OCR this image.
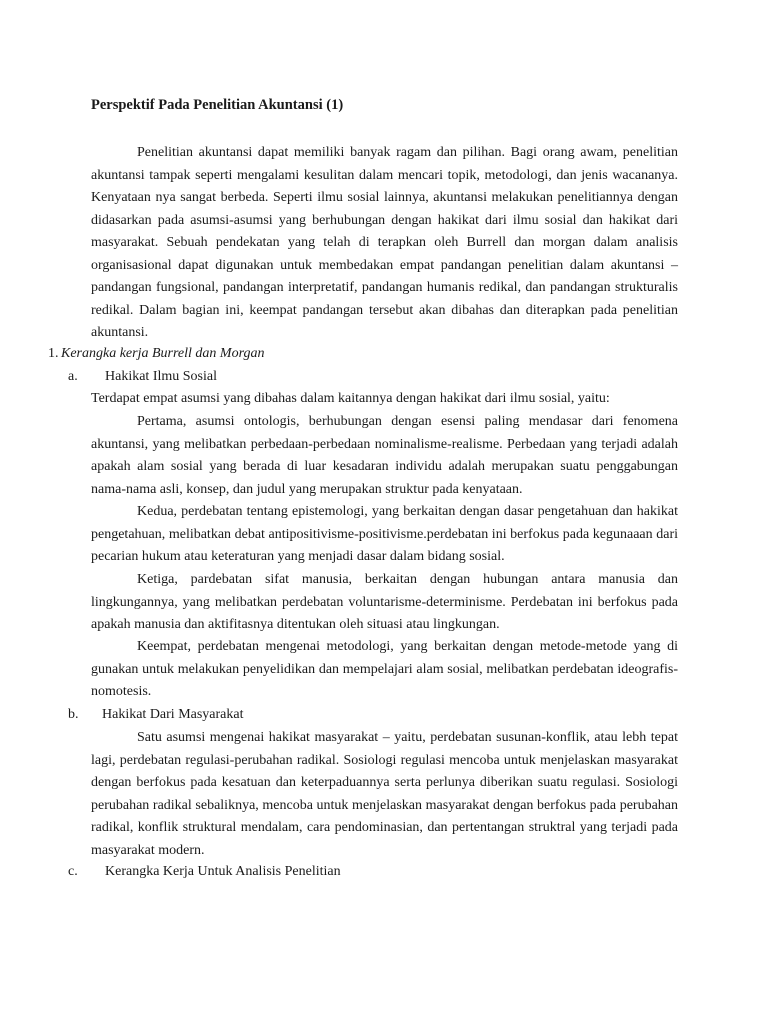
Perspektif Pada Penelitian Akuntansi (1)

Penelitian akuntansi dapat memiliki banyak ragam dan pilihan. Bagi orang awam, penelitian akuntansi tampak seperti mengalami kesulitan dalam mencari topik, metodologi, dan jenis wacananya. Kenyataan nya sangat berbeda. Seperti ilmu sosial lainnya, akuntansi melakukan penelitiannya dengan didasarkan pada asumsi-asumsi yang berhubungan dengan hakikat dari ilmu sosial dan hakikat dari masyarakat. Sebuah pendekatan yang telah di terapkan oleh Burrell dan morgan dalam analisis organisasional dapat digunakan untuk membedakan empat pandangan penelitian dalam akuntansi – pandangan fungsional, pandangan interpretatif, pandangan humanis redikal, dan pandangan strukturalis redikal. Dalam bagian ini, keempat pandangan tersebut akan dibahas dan diterapkan pada penelitian akuntansi.

1. Kerangka kerja Burrell dan Morgan

a. Hakikat Ilmu Sosial

Terdapat empat asumsi yang dibahas dalam kaitannya dengan hakikat dari ilmu sosial, yaitu:

Pertama, asumsi ontologis, berhubungan dengan esensi paling mendasar dari fenomena akuntansi, yang melibatkan perbedaan-perbedaan nominalisme-realisme. Perbedaan yang terjadi adalah apakah alam sosial yang berada di luar kesadaran individu adalah merupakan suatu penggabungan nama-nama asli, konsep, dan judul yang merupakan struktur pada kenyataan.

Kedua, perdebatan tentang epistemologi, yang berkaitan dengan dasar pengetahuan dan hakikat pengetahuan, melibatkan debat antipositivisme-positivisme.perdebatan ini berfokus pada kegunaaan dari pecarian hukum atau keteraturan yang menjadi dasar dalam bidang sosial.

Ketiga, pardebatan sifat manusia, berkaitan dengan hubungan antara manusia dan lingkungannya, yang melibatkan perdebatan voluntarisme-determinisme. Perdebatan ini berfokus pada apakah manusia dan aktifitasnya ditentukan oleh situasi atau lingkungan.

Keempat, perdebatan mengenai metodologi, yang berkaitan dengan metode-metode yang di gunakan untuk melakukan penyelidikan dan mempelajari alam sosial, melibatkan perdebatan ideografis-nomotesis.

b. Hakikat Dari Masyarakat

Satu asumsi mengenai hakikat masyarakat – yaitu, perdebatan susunan-konflik, atau lebh tepat lagi, perdebatan regulasi-perubahan radikal. Sosiologi regulasi mencoba untuk menjelaskan masyarakat dengan berfokus pada kesatuan dan keterpaduannya serta perlunya diberikan suatu regulasi. Sosiologi perubahan radikal sebaliknya, mencoba untuk menjelaskan masyarakat dengan berfokus pada perubahan radikal, konflik struktural mendalam, cara pendominasian, dan pertentangan struktral yang terjadi pada masyarakat modern.

c. Kerangka Kerja Untuk Analisis Penelitian
